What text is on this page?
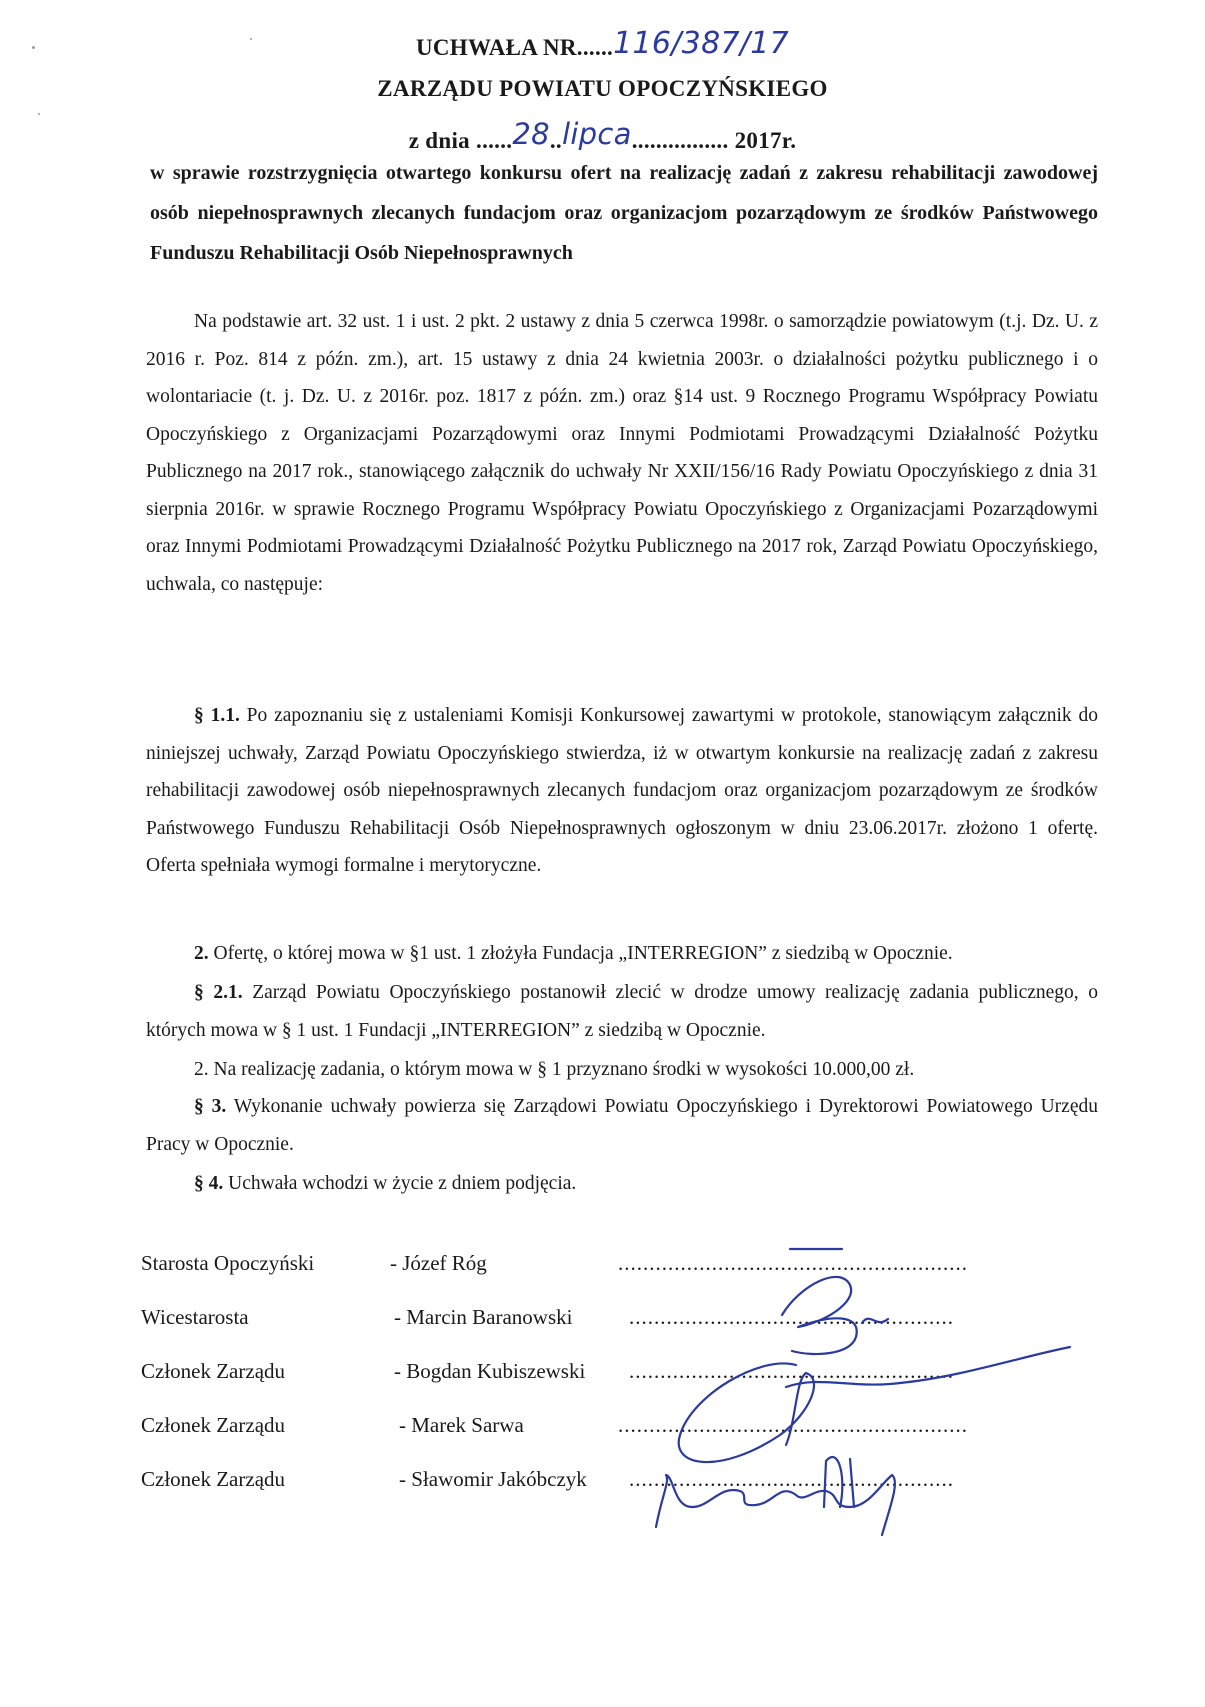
UCHWAŁA NR......116/387/17
ZARZĄDU POWIATU OPOCZYŃSKIEGO
z dnia ......28..lipca................ 2017r.
w sprawie rozstrzygnięcia otwartego konkursu ofert na realizację zadań z zakresu rehabilitacji zawodowej osób niepełnosprawnych zlecanych fundacjom oraz organizacjom pozarządowym ze środków Państwowego Funduszu Rehabilitacji Osób Niepełnosprawnych
Na podstawie art. 32 ust. 1 i ust. 2 pkt. 2 ustawy z dnia 5 czerwca 1998r. o samorządzie powiatowym (t.j. Dz. U. z 2016 r. Poz. 814 z późn. zm.), art. 15 ustawy z dnia 24 kwietnia 2003r. o działalności pożytku publicznego i o wolontariacie (t. j. Dz. U. z 2016r. poz. 1817 z późn. zm.) oraz §14 ust. 9 Rocznego Programu Współpracy Powiatu Opoczyńskiego z Organizacjami Pozarządowymi oraz Innymi Podmiotami Prowadzącymi Działalność Pożytku Publicznego na 2017 rok., stanowiącego załącznik do uchwały Nr XXII/156/16 Rady Powiatu Opoczyńskiego z dnia 31 sierpnia 2016r. w sprawie Rocznego Programu Współpracy Powiatu Opoczyńskiego z Organizacjami Pozarządowymi oraz Innymi Podmiotami Prowadzącymi Działalność Pożytku Publicznego na 2017 rok, Zarząd Powiatu Opoczyńskiego, uchwala, co następuje:
§ 1.1. Po zapoznaniu się z ustaleniami Komisji Konkursowej zawartymi w protokole, stanowiącym załącznik do niniejszej uchwały, Zarząd Powiatu Opoczyńskiego stwierdza, iż w otwartym konkursie na realizację zadań z zakresu rehabilitacji zawodowej osób niepełnosprawnych zlecanych fundacjom oraz organizacjom pozarządowym ze środków Państwowego Funduszu Rehabilitacji Osób Niepełnosprawnych ogłoszonym w dniu 23.06.2017r. złożono 1 ofertę. Oferta spełniała wymogi formalne i merytoryczne.
2. Ofertę, o której mowa w §1 ust. 1 złożyła Fundacja „INTERREGION” z siedzibą w Opocznie.
§ 2.1. Zarząd Powiatu Opoczyńskiego postanowił zlecić w drodze umowy realizację zadania publicznego, o których mowa w § 1 ust. 1 Fundacji „INTERREGION” z siedzibą w Opocznie.
2. Na realizację zadania, o którym mowa w § 1 przyznano środki w wysokości 10.000,00 zł.
§ 3. Wykonanie uchwały powierza się Zarządowi Powiatu Opoczyńskiego i Dyrektorowi Powiatowego Urzędu Pracy w Opocznie.
§ 4. Uchwała wchodzi w życie z dniem podjęcia.
Starosta Opoczyński	- Józef Róg	........................................................
Wicestarosta	- Marcin Baranowski	....................................................
Członek Zarządu	- Bogdan Kubiszewski ....................................................
Członek Zarządu	- Marek Sarwa	........................................................
Członek Zarządu	- Sławomir Jakóbczyk ....................................................
